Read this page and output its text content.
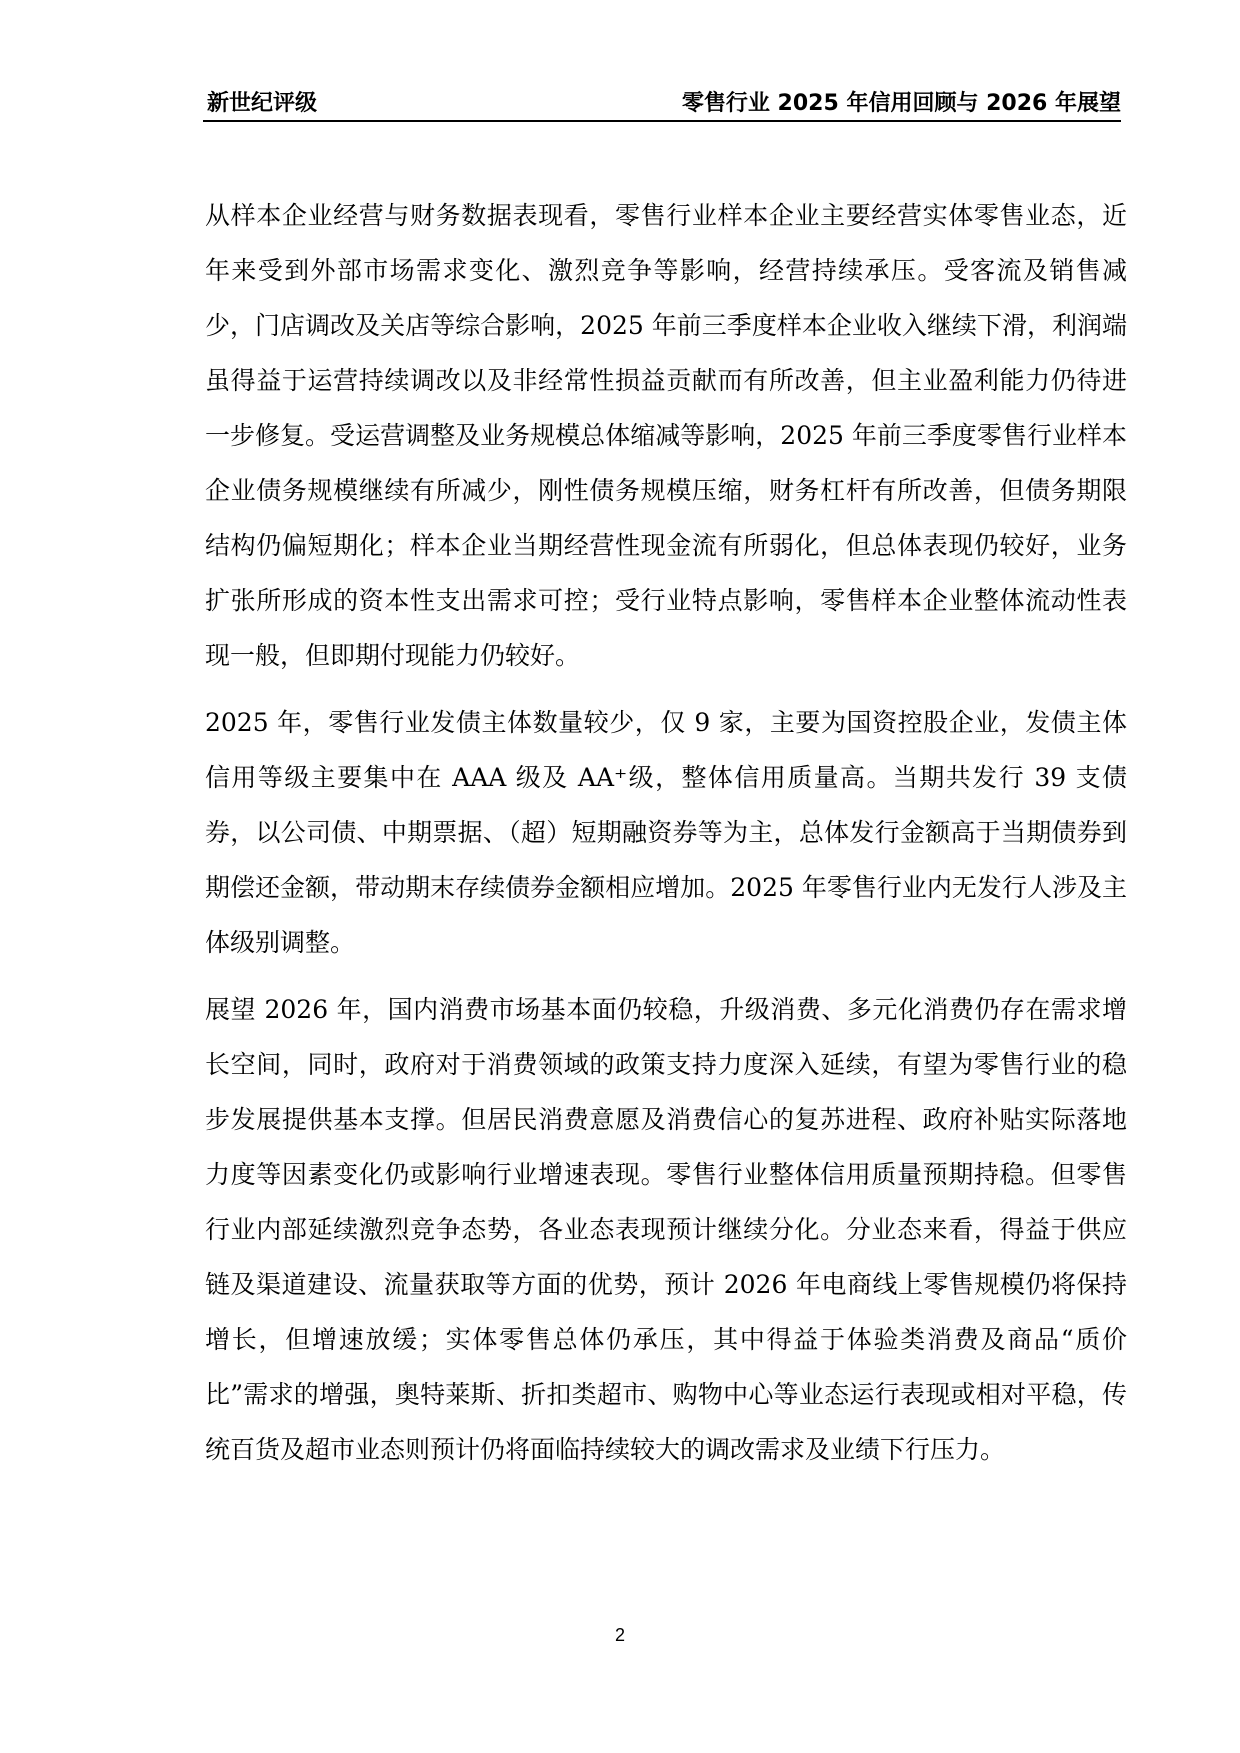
新世纪评级	零售行业 2025 年信用回顾与 2026 年展望

从样本企业经营与财务数据表现看，零售行业样本企业主要经营实体零售业态，近年来受到外部市场需求变化、激烈竞争等影响，经营持续承压。受客流及销售减少，门店调改及关店等综合影响，2025 年前三季度样本企业收入继续下滑，利润端虽得益于运营持续调改以及非经常性损益贡献而有所改善，但主业盈利能力仍待进一步修复。受运营调整及业务规模总体缩减等影响，2025 年前三季度零售行业样本企业债务规模继续有所减少，刚性债务规模压缩，财务杠杆有所改善，但债务期限结构仍偏短期化；样本企业当期经营性现金流有所弱化，但总体表现仍较好，业务扩张所形成的资本性支出需求可控；受行业特点影响，零售样本企业整体流动性表现一般，但即期付现能力仍较好。

2025 年，零售行业发债主体数量较少，仅 9 家，主要为国资控股企业，发债主体信用等级主要集中在 AAA 级及 AA⁺级，整体信用质量高。当期共发行 39 支债券，以公司债、中期票据、（超）短期融资券等为主，总体发行金额高于当期债券到期偿还金额，带动期末存续债券金额相应增加。2025 年零售行业内无发行人涉及主体级别调整。

展望 2026 年，国内消费市场基本面仍较稳，升级消费、多元化消费仍存在需求增长空间，同时，政府对于消费领域的政策支持力度深入延续，有望为零售行业的稳步发展提供基本支撑。但居民消费意愿及消费信心的复苏进程、政府补贴实际落地力度等因素变化仍或影响行业增速表现。零售行业整体信用质量预期持稳。但零售行业内部延续激烈竞争态势，各业态表现预计继续分化。分业态来看，得益于供应链及渠道建设、流量获取等方面的优势，预计 2026 年电商线上零售规模仍将保持增长，但增速放缓；实体零售总体仍承压，其中得益于体验类消费及商品“质价比”需求的增强，奥特莱斯、折扣类超市、购物中心等业态运行表现或相对平稳，传统百货及超市业态则预计仍将面临持续较大的调改需求及业绩下行压力。

2
